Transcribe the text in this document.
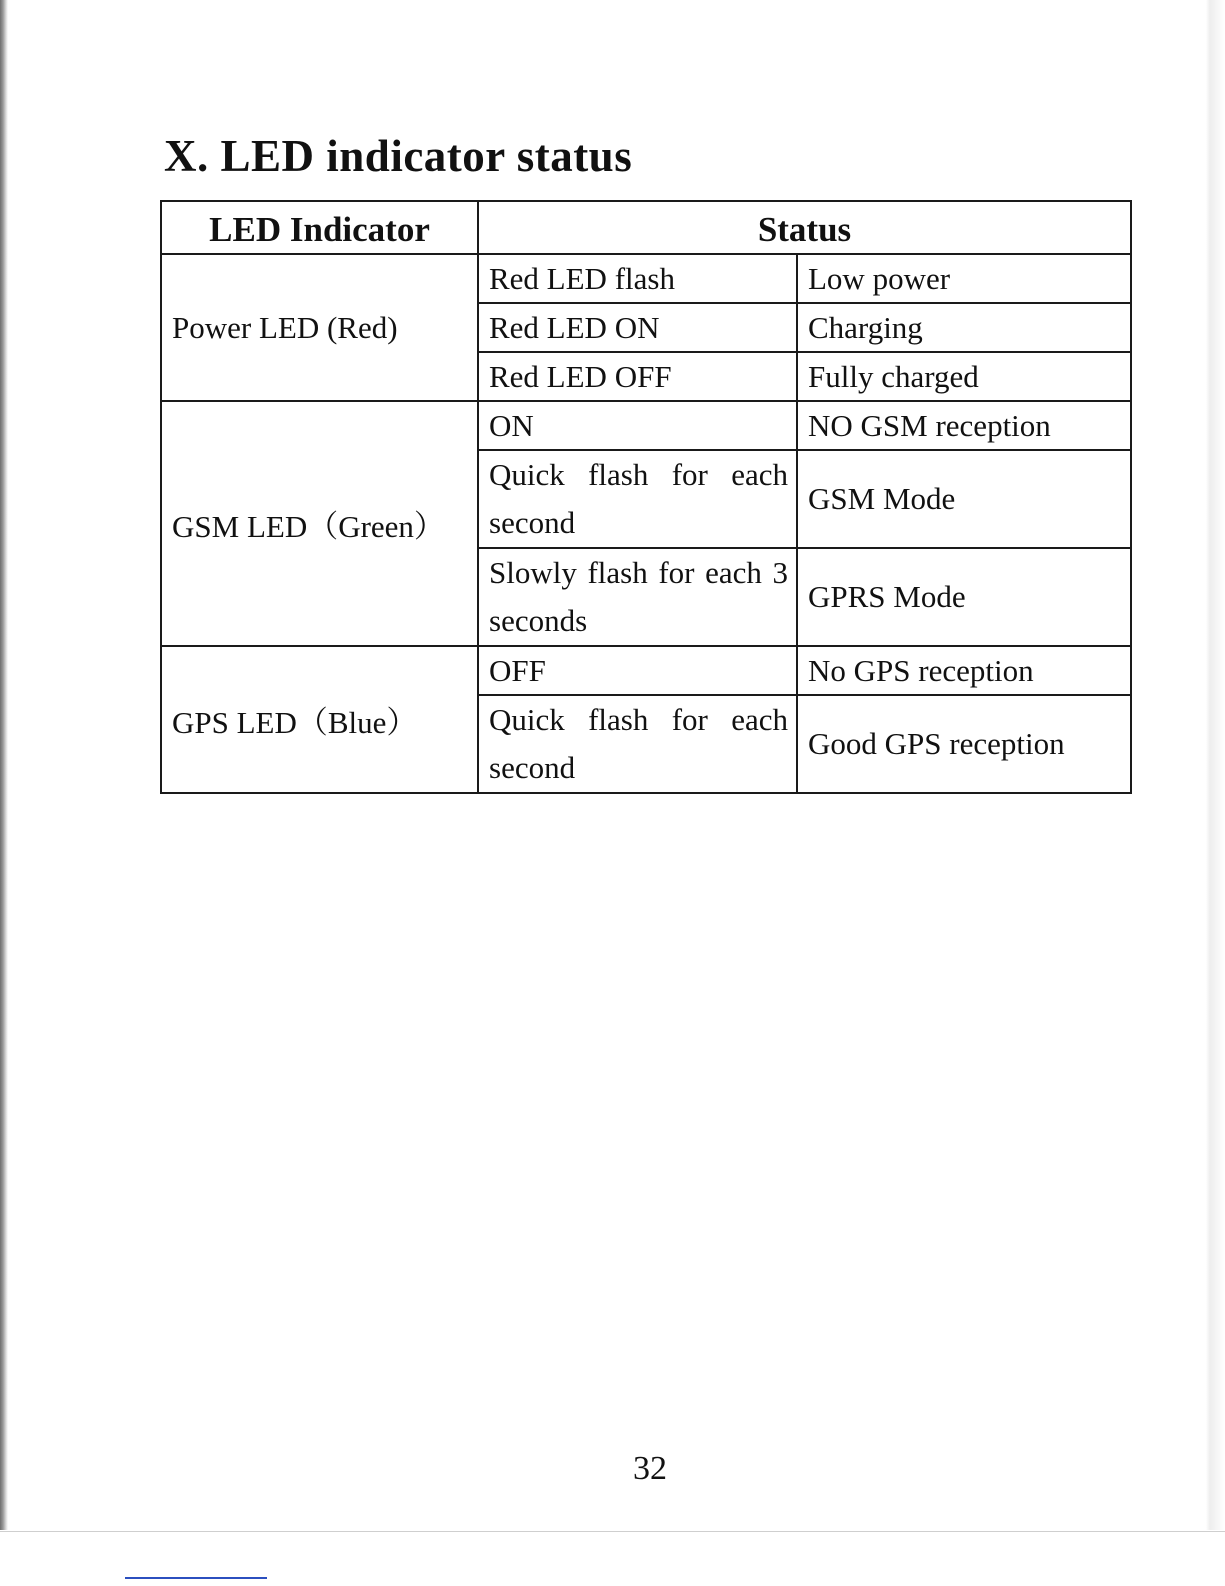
X. LED indicator status
LED Indicator	Status	
Power LED (Red)	Red LED flash	Low power
	Red LED ON	Charging
	Red LED OFF	Fully charged
GSM LED（Green）	ON	NO GSM reception
	Quick flash for each second	GSM Mode
	Slowly flash for each 3 seconds	GPRS Mode
GPS LED（Blue）	OFF	No GPS reception
	Quick flash for each second	Good GPS reception
32
